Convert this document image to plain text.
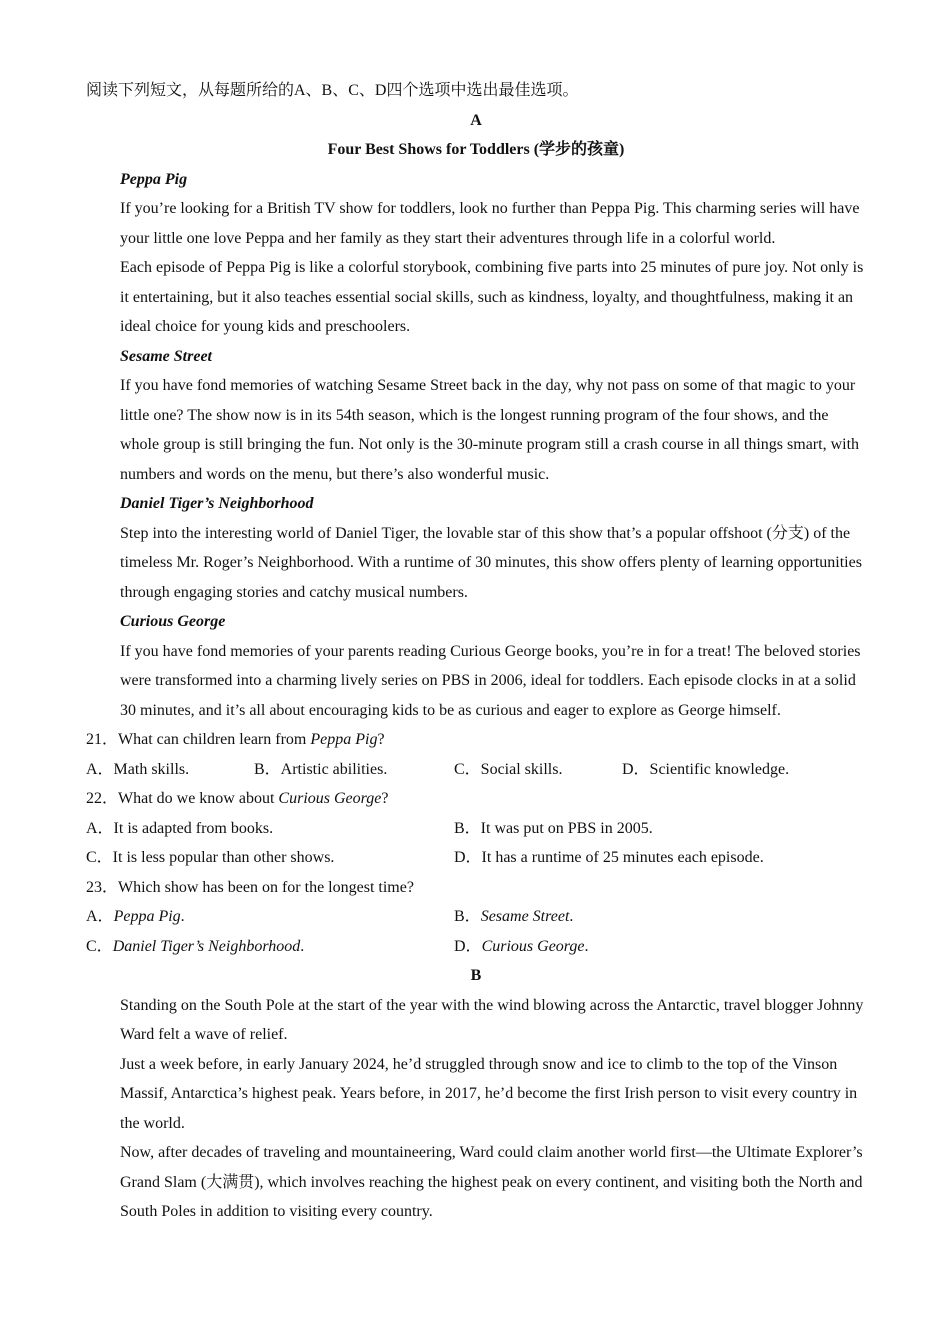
阅读下列短文，从每题所给的A、B、C、D四个选项中选出最佳选项。
A
Four Best Shows for Toddlers (学步的孩童)
Peppa Pig

If you’re looking for a British TV show for toddlers, look no further than Peppa Pig. This charming series will have your little one love Peppa and her family as they start their adventures through life in a colorful world.

Each episode of Peppa Pig is like a colorful storybook, combining five parts into 25 minutes of pure joy. Not only is it entertaining, but it also teaches essential social skills, such as kindness, loyalty, and thoughtfulness, making it an ideal choice for young kids and preschoolers.

Sesame Street

If you have fond memories of watching Sesame Street back in the day, why not pass on some of that magic to your little one? The show now is in its 54th season, which is the longest running program of the four shows, and the whole group is still bringing the fun. Not only is the 30-minute program still a crash course in all things smart, with numbers and words on the menu, but there’s also wonderful music.

Daniel Tiger’s Neighborhood

Step into the interesting world of Daniel Tiger, the lovable star of this show that’s a popular offshoot (分支) of the timeless Mr. Roger’s Neighborhood. With a runtime of 30 minutes, this show offers plenty of learning opportunities through engaging stories and catchy musical numbers.

Curious George

If you have fond memories of your parents reading Curious George books, you’re in for a treat! The beloved stories were transformed into a charming lively series on PBS in 2006, ideal for toddlers. Each episode clocks in at a solid 30 minutes, and it’s all about encouraging kids to be as curious and eager to explore as George himself.

21．What can children learn from Peppa Pig?
A．Math skills.	B．Artistic abilities.	C．Social skills.	D．Scientific knowledge.
22．What do we know about Curious George?
A．It is adapted from books.	B．It was put on PBS in 2005.
C．It is less popular than other shows.	D．It has a runtime of 25 minutes each episode.
23．Which show has been on for the longest time?
A．Peppa Pig.	B．Sesame Street.
C．Daniel Tiger’s Neighborhood.	D．Curious George.
B

Standing on the South Pole at the start of the year with the wind blowing across the Antarctic, travel blogger Johnny Ward felt a wave of relief.

Just a week before, in early January 2024, he’d struggled through snow and ice to climb to the top of the Vinson Massif, Antarctica’s highest peak. Years before, in 2017, he’d become the first Irish person to visit every country in the world.

Now, after decades of traveling and mountaineering, Ward could claim another world first—the Ultimate Explorer’s Grand Slam (大满贯), which involves reaching the highest peak on every continent, and visiting both the North and South Poles in addition to visiting every country.
